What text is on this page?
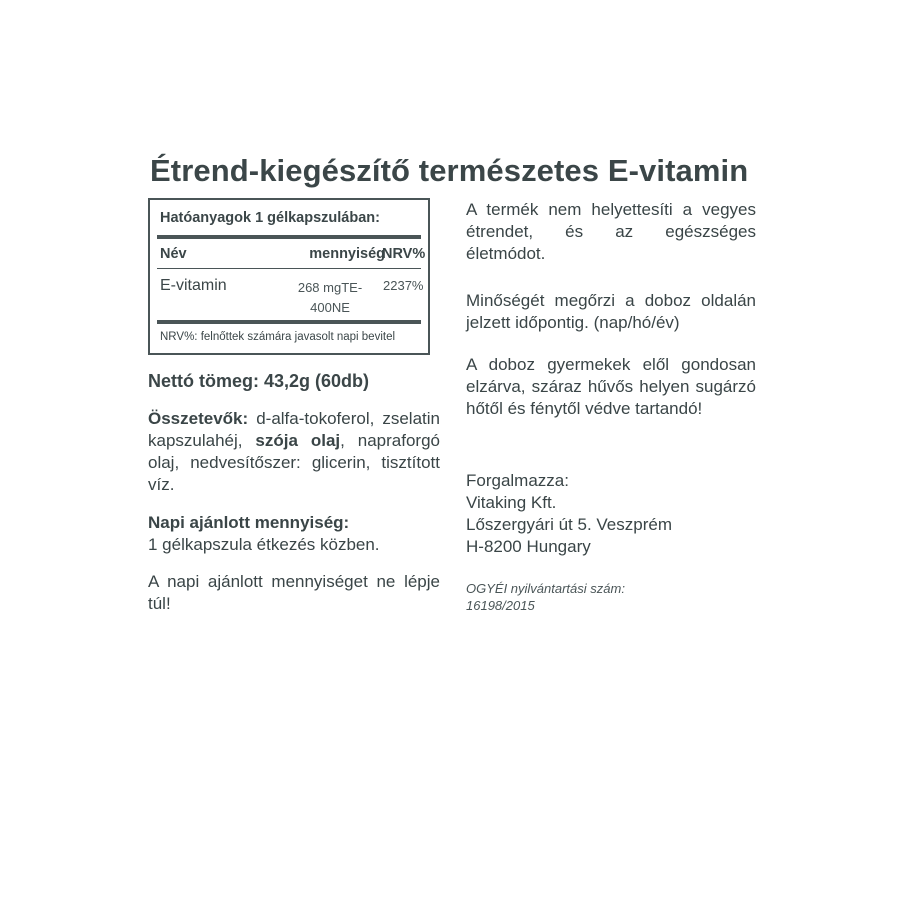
Étrend-kiegészítő természetes E-vitamin
Hatóanyagok 1 gélkapszulában:
Név	mennyiség
NRV%
E-vitamin	268 mgTE-
400NE
2237%
NRV%: felnőttek számára javasolt napi bevitel
Nettó tömeg: 43,2g (60db)

Összetevők: d-alfa-tokoferol, zselatin kapszulahéj, szója olaj, napraforgó olaj, nedvesítőszer: glicerin, tisztított víz.

Napi ajánlott mennyiség:

1 gélkapszula étkezés közben.

A napi ajánlott mennyiséget ne lépje túl!

A termék nem helyettesíti a vegyes étrendet, és az egészséges életmódot.

Minőségét megőrzi a doboz oldalán jelzett időpontig. (nap/hó/év)

A doboz gyermekek elől gondosan elzárva, száraz hűvős helyen sugárzó hőtől és fénytől védve tartandó!

Forgalmazza:

Vitaking Kft.

Lőszergyári út 5. Veszprém

H-8200 Hungary

OGYÉI nyilvántartási szám:

16198/2015
